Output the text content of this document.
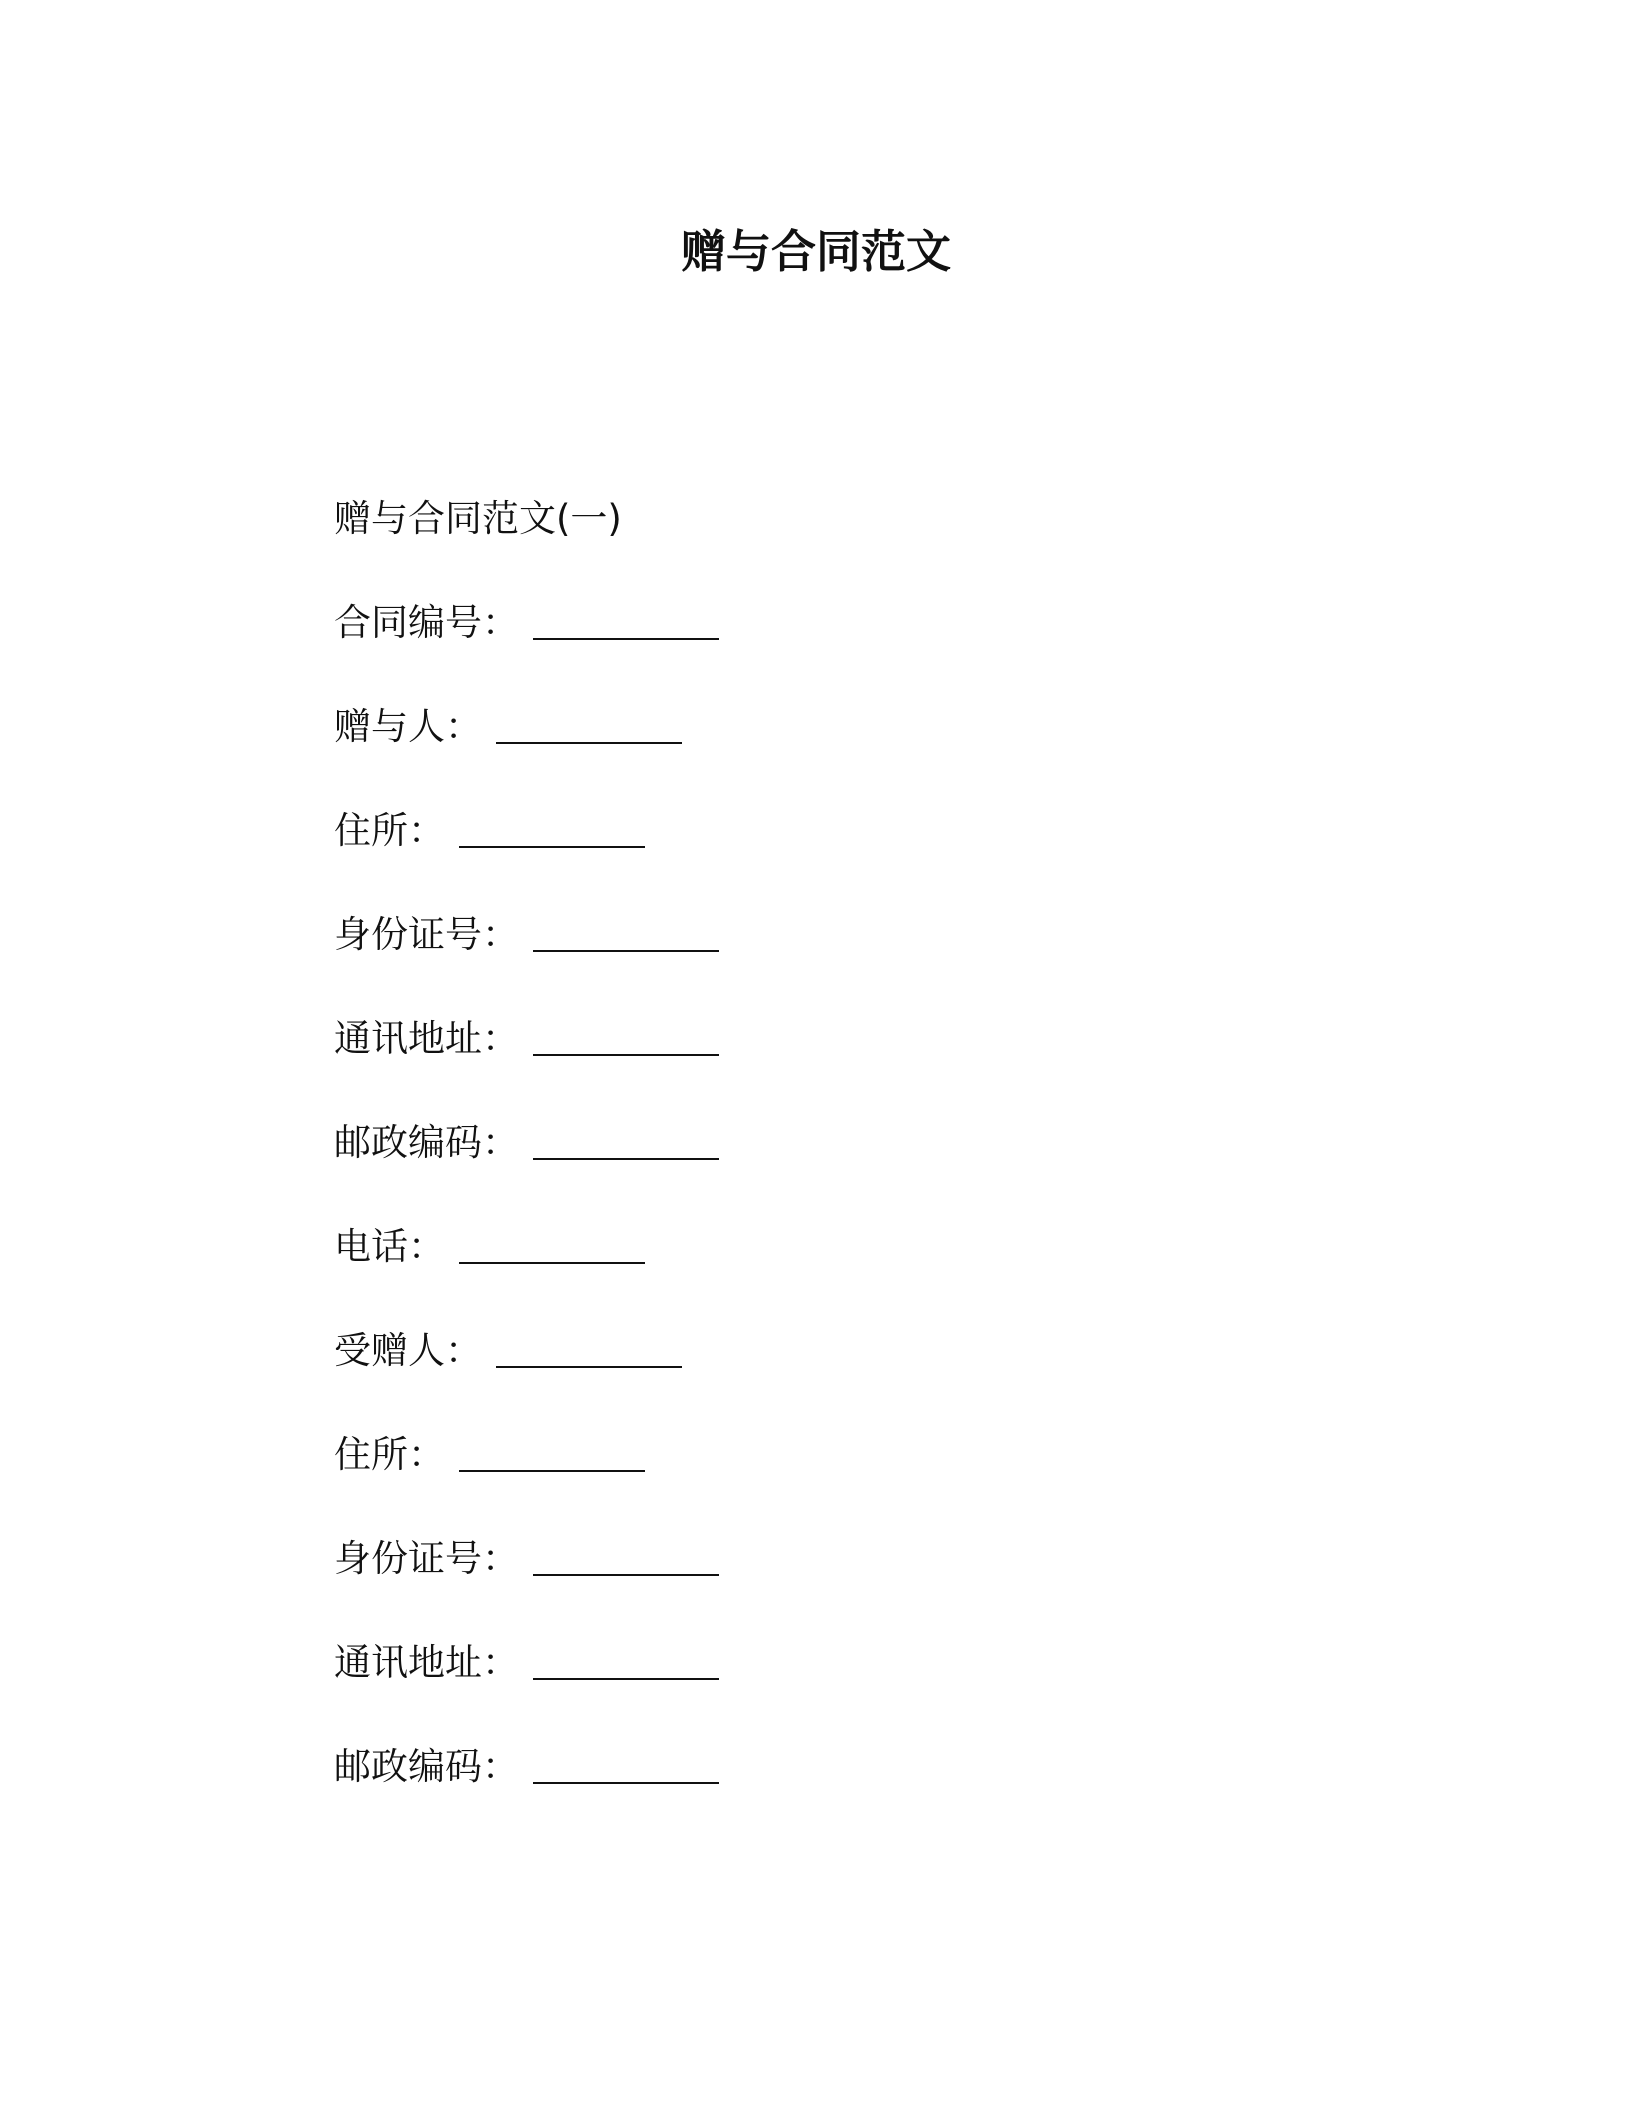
赠与合同范文
赠与合同范文(一)
合同编号：
赠与人：
住所：
身份证号：
通讯地址：
邮政编码：
电话：
受赠人：
住所：
身份证号：
通讯地址：
邮政编码：
